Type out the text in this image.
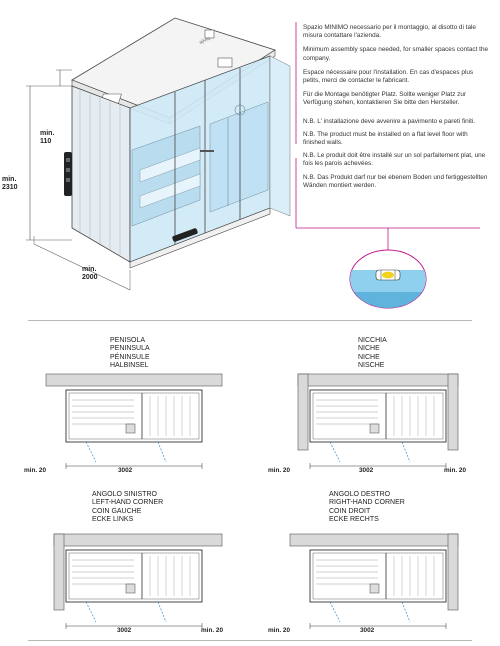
ajiviq
min.
110
min.
2310
min.
2000

Spazio MINIMO necessario per il montaggio, al disotto di tale misura contattare l'azienda.

Minimum assembly space needed, for smaller spaces contact the company.

Espace nécessaire pour l'installation. En cas d'espaces plus petits, merci de contacter le fabricant.

Für die Montage benötigter Platz. Sollte weniger Platz zur Verfügung stehen, kontaktieren Sie bitte den Hersteller.

N.B. L' installazione deve avvenire a pavimento e pareti finiti.

N.B. The product must be installed on a flat level floor with finished walls.

N.B. Le produit doit être installé sur un sol parfaitement plat, une fois les parois achevées.

N.B. Das Produkt darf nur bei ebenem Boden und fertiggestellten Wänden montiert werden.

PENISOLA
PENINSULA
PÉNINSULE
HALBINSEL
NICCHIA
NICHE
NICHE
NISCHE
ANGOLO SINISTRO
LEFT-HAND CORNER
COIN GAUCHE
ECKE LINKS
ANGOLO DESTRO
RIGHT-HAND CORNER
COIN DROIT
ECKE RECHTS
min. 20	3002	min. 20	3002	min. 20
3002	min. 20	min. 20	3002
